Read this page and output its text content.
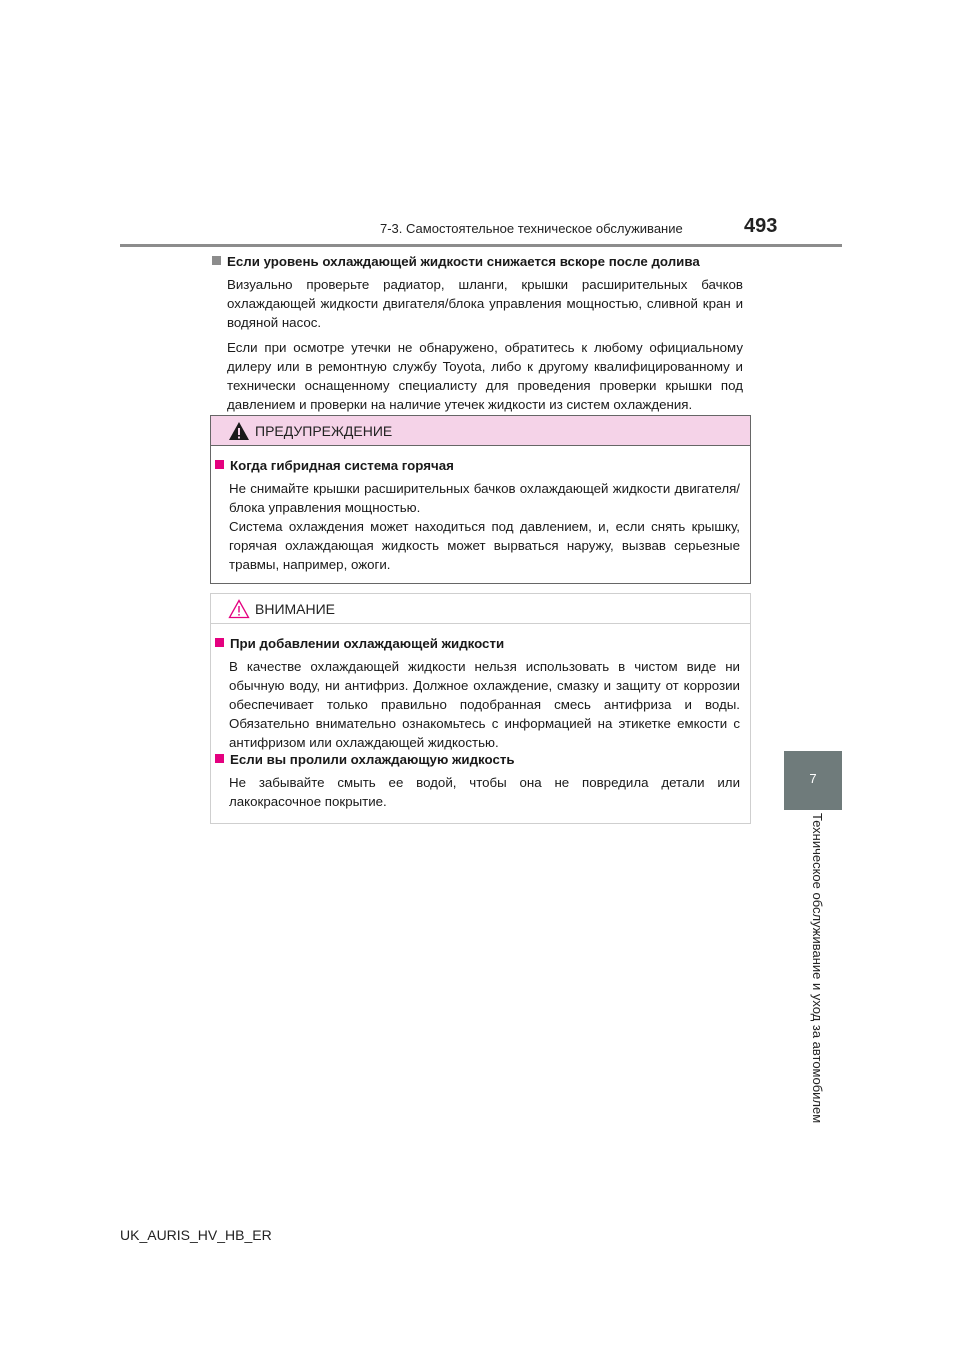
7-3. Самостоятельное техническое обслуживание	493
7
Техническое обслуживание и уход за автомобилем
Если уровень охлаждающей жидкости снижается вскоре после долива
Визуально проверьте радиатор, шланги, крышки расширительных бачков охлаждающей жидкости двигателя/блока управления мощностью, сливной кран и водяной насос.
Если при осмотре утечки не обнаружено, обратитесь к любому официальному дилеру или в ремонтную службу Toyota, либо к другому квалифицированному и технически оснащенному специалисту для проведения проверки крышки под давлением и проверки на наличие утечек жидкости из систем охлаждения.
ПРЕДУПРЕЖДЕНИЕ
Когда гибридная система горячая
Не снимайте крышки расширительных бачков охлаждающей жидкости двигателя/блока управления мощностью.
Система охлаждения может находиться под давлением, и, если снять крышку, горячая охлаждающая жидкость может вырваться наружу, вызвав серьезные травмы, например, ожоги.
ВНИМАНИЕ
При добавлении охлаждающей жидкости
В качестве охлаждающей жидкости нельзя использовать в чистом виде ни обычную воду, ни антифриз. Должное охлаждение, смазку и защиту от коррозии обеспечивает только правильно подобранная смесь антифриза и воды. Обязательно внимательно ознакомьтесь с информацией на этикетке емкости с антифризом или охлаждающей жидкостью.
Если вы пролили охлаждающую жидкость
Не забывайте смыть ее водой, чтобы она не повредила детали или лакокрасочное покрытие.
UK_AURIS_HV_HB_ER
